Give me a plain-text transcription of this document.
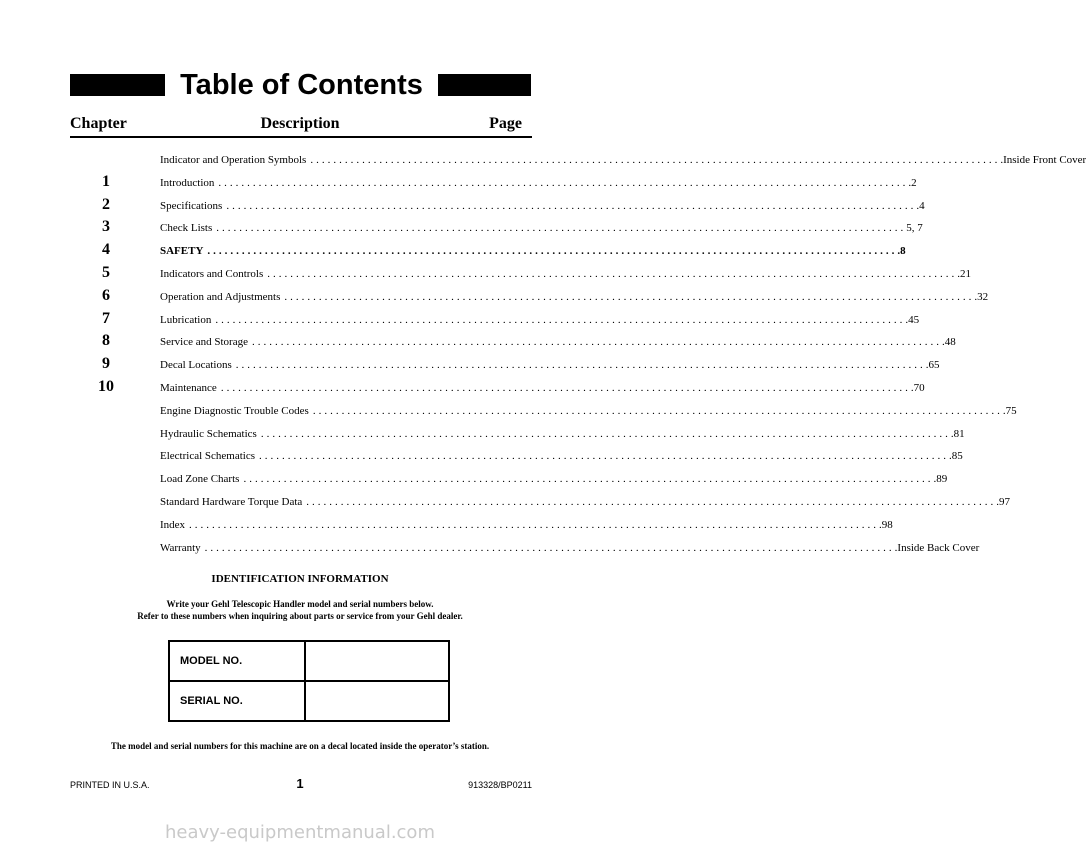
Table of Contents
Chapter	Description	Page
Indicator and Operation Symbols ........................................................................................................................ .Inside Front Cover
1	Introduction ........................................................................................................................ .2
2	Specifications ........................................................................................................................ .4
3	Check Lists ........................................................................................................................ 5, 7
4	SAFETY ........................................................................................................................ .8
5	Indicators and Controls ........................................................................................................................ .21
6	Operation and Adjustments ........................................................................................................................ .32
7	Lubrication ........................................................................................................................ .45
8	Service and Storage ........................................................................................................................ .48
9	Decal Locations ........................................................................................................................ .65
10	Maintenance ........................................................................................................................ .70
Engine Diagnostic Trouble Codes ........................................................................................................................ .75
Hydraulic Schematics ........................................................................................................................ .81
Electrical Schematics ........................................................................................................................ .85
Load Zone Charts ........................................................................................................................ .89
Standard Hardware Torque Data ........................................................................................................................ .97
Index ........................................................................................................................ .98
Warranty ........................................................................................................................ .Inside Back Cover
IDENTIFICATION INFORMATION
Write your Gehl Telescopic Handler model and serial numbers below.
Refer to these numbers when inquiring about parts or service from your Gehl dealer.
MODEL NO.	
SERIAL NO.	
The model and serial numbers for this machine are on a decal located inside the operator’s station.
PRINTED IN U.S.A.	1	913328/BP0211
heavy-equipmentmanual.com
